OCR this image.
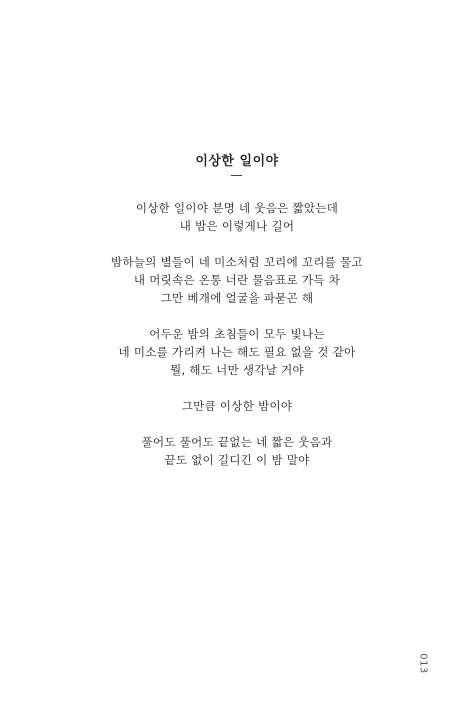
이상한 일이야
이상한 일이야 분명 네 웃음은 짧았는데
내 밤은 이렇게나 길어
밤하늘의 별들이 네 미소처럼 꼬리에 꼬리를 물고
내 머릿속은 온통 너란 물음표로 가득 차
그만 베개에 얼굴을 파묻곤 해
어두운 밤의 초침들이 모두 빛나는
네 미소를 가리켜 나는 해도 필요 없을 것 같아
뭘, 해도 너만 생각날 거야
그만큼 이상한 밤이야
풀어도 풀어도 끝없는 네 짧은 웃음과
끝도 없이 길디긴 이 밤 말야
013
